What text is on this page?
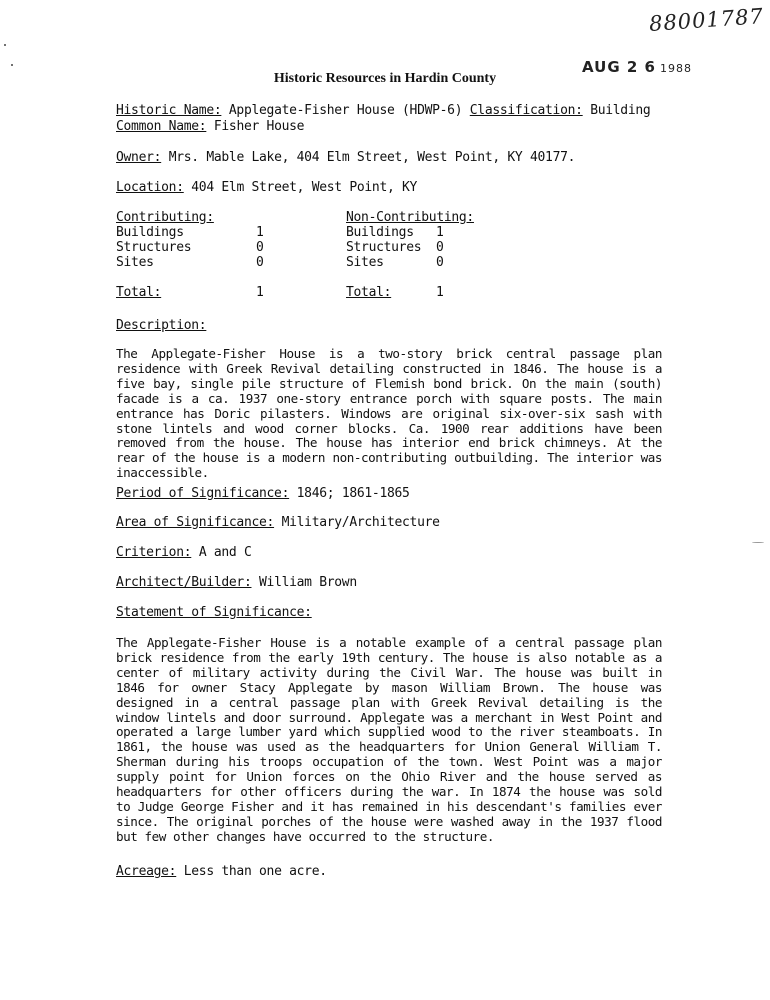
88001787
AUG 2 6 1988
Historic Resources in Hardin County
Historic Name: Applegate-Fisher House (HDWP-6) Classification: Building
Common Name: Fisher House
Owner: Mrs. Mable Lake, 404 Elm Street, West Point, KY 40177.
Location: 404 Elm Street, West Point, KY
Contributing:
Buildings	1
Structures	0
Sites	0
Total:	1
Non-Contributing:
Buildings 1
Structures 0
Sites	0
Total:	1
Description:

The Applegate-Fisher House is a two-story brick central passage plan residence with Greek Revival detailing constructed in 1846. The house is a five bay, single pile structure of Flemish bond brick. On the main (south) facade is a ca. 1937 one-story entrance porch with square posts. The main entrance has Doric pilasters. Windows are original six-over-six sash with stone lintels and wood corner blocks. Ca. 1900 rear additions have been removed from the house. The house has interior end brick chimneys. At the rear of the house is a modern non-contributing outbuilding. The interior was inaccessible.

Period of Significance: 1846; 1861-1865
Area of Significance: Military/Architecture
Criterion: A and C
Architect/Builder: William Brown
Statement of Significance:

The Applegate-Fisher House is a notable example of a central passage plan brick residence from the early 19th century. The house is also notable as a center of military activity during the Civil War. The house was built in 1846 for owner Stacy Applegate by mason William Brown. The house was designed in a central passage plan with Greek Revival detailing is the window lintels and door surround. Applegate was a merchant in West Point and operated a large lumber yard which supplied wood to the river steamboats. In 1861, the house was used as the headquarters for Union General William T. Sherman during his troops occupation of the town. West Point was a major supply point for Union forces on the Ohio River and the house served as headquarters for other officers during the war. In 1874 the house was sold to Judge George Fisher and it has remained in his descendant's families ever since. The original porches of the house were washed away in the 1937 flood but few other changes have occurred to the structure.

Acreage: Less than one acre.
